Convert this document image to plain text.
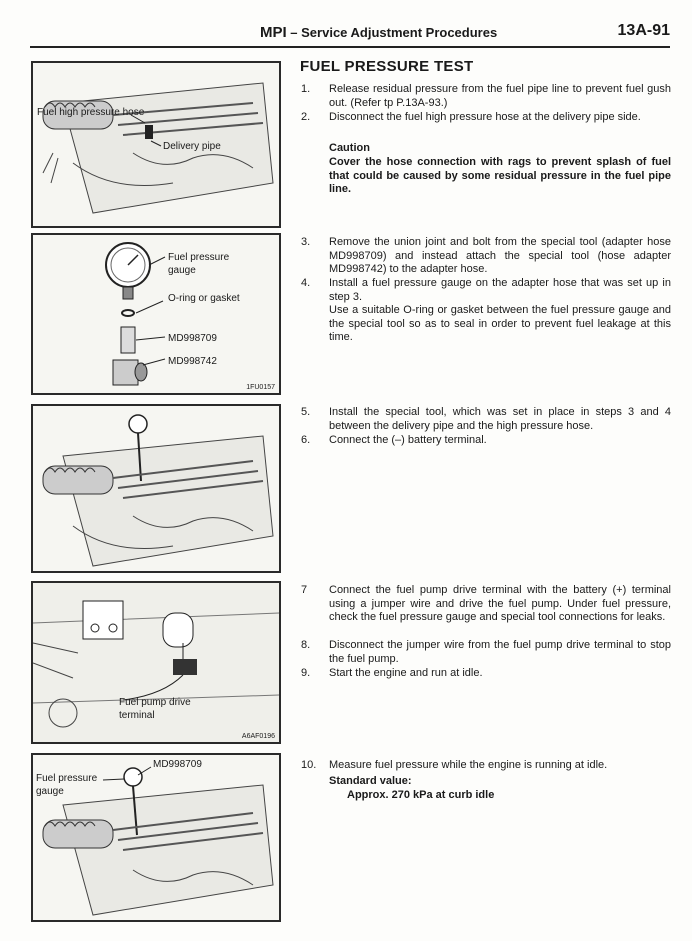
MPI – Service Adjustment Procedures	13A-91
Fuel high pressure hose
Delivery pipe
Fuel pressure
gauge
O-ring or gasket
MD998709
MD998742
1FU0157
Fuel pump drive
terminal
A6AF0196
MD998709
Fuel pressure
gauge
FUEL PRESSURE TEST
1. Release residual pressure from the fuel pipe line to prevent fuel gush out. (Refer tp P.13A-93.)
2. Disconnect the fuel high pressure hose at the delivery pipe side.
Caution
Cover the hose connection with rags to prevent splash of fuel that could be caused by some residual pressure in the fuel pipe line.
3. Remove the union joint and bolt from the special tool (adapter hose MD998709) and instead attach the special tool (hose adapter MD998742) to the adapter hose.
4. Install a fuel pressure gauge on the adapter hose that was set up in step 3.
Use a suitable O-ring or gasket between the fuel pressure gauge and the special tool so as to seal in order to prevent fuel leakage at this time.
5. Install the special tool, which was set in place in steps 3 and 4 between the delivery pipe and the high pressure hose.
6. Connect the (–) battery terminal.
7 Connect the fuel pump drive terminal with the battery (+) terminal using a jumper wire and drive the fuel pump. Under fuel pressure, check the fuel pressure gauge and special tool connections for leaks.
8. Disconnect the jumper wire from the fuel pump drive terminal to stop the fuel pump.
9. Start the engine and run at idle.
10. Measure fuel pressure while the engine is running at idle.
Standard value:
Approx. 270 kPa at curb idle
